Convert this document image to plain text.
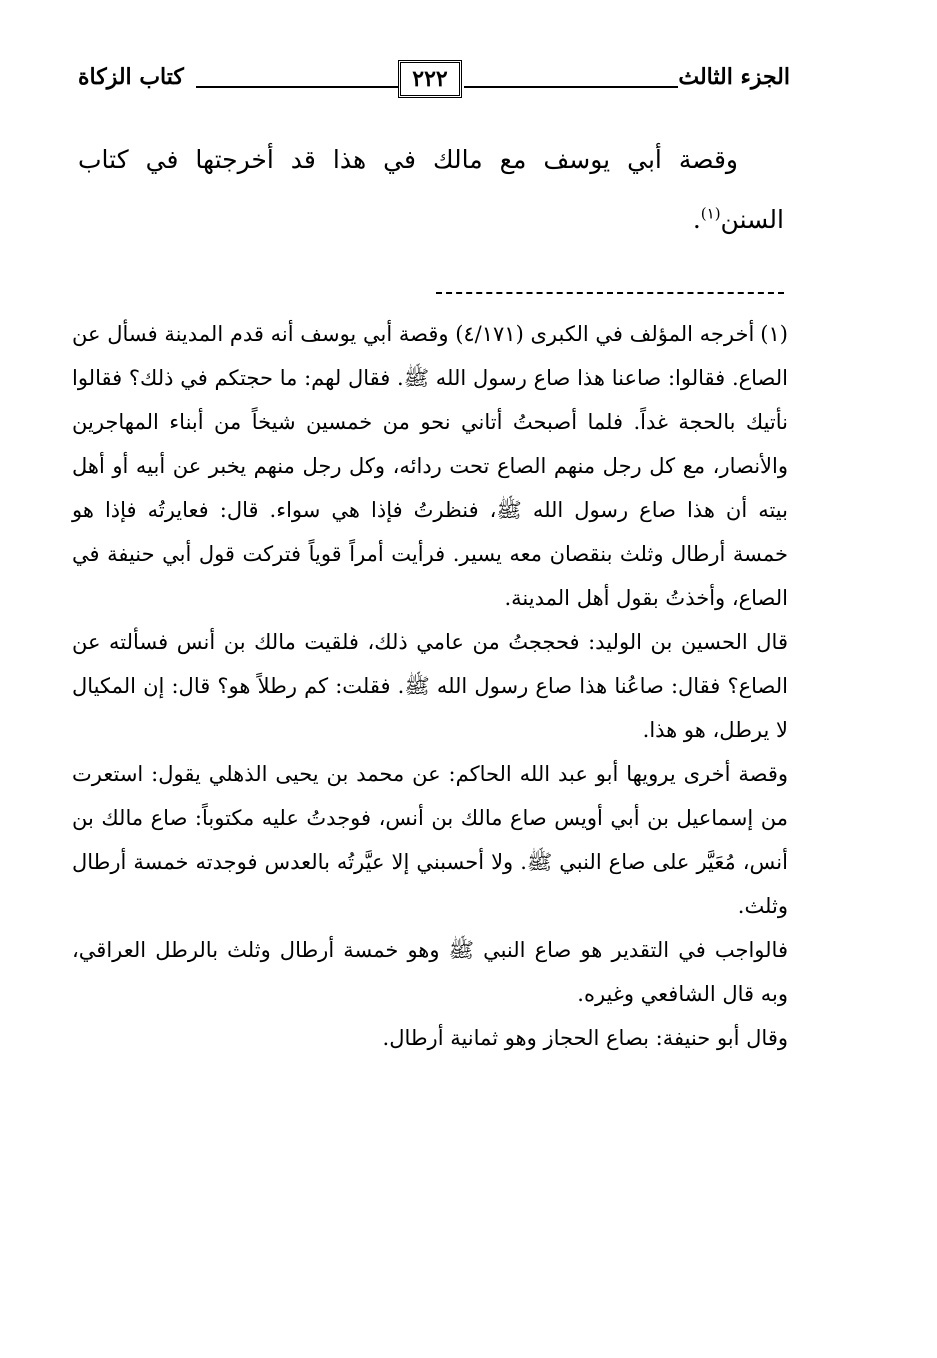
الجزء الثالث
٢٢٢
كتاب الزكاة

وقصة أبي يوسف مع مالك في هذا قد أخرجتها في كتاب السنن$^{(١)}$.

(١)أخرجه المؤلف في الكبرى (٤/١٧١) وقصة أبي يوسف أنه قدم المدينة فسأل عن الصاع. فقالوا: صاعنا هذا صاع رسول الله ﷺ. فقال لهم: ما حجتكم في ذلك؟ فقالوا نأتيك بالحجة غداً. فلما أصبحتُ أتاني نحو من خمسين شيخاً من أبناء المهاجرين والأنصار، مع كل رجل منهم الصاع تحت ردائه، وكل رجل منهم يخبر عن أبيه أو أهل بيته أن هذا صاع رسول الله ﷺ، فنظرتُ فإذا هي سواء. قال: فعايرتُه فإذا هو خمسة أرطال وثلث بنقصان معه يسير. فرأيت أمراً قوياً فتركت قول أبي حنيفة في الصاع، وأخذتُ بقول أهل المدينة.

قال الحسين بن الوليد: فحججتُ من عامي ذلك، فلقيت مالك بن أنس فسألته عن الصاع؟ فقال: صاعُنا هذا صاع رسول الله ﷺ. فقلت: كم رطلاً هو؟ قال: إن المكيال لا يرطل، هو هذا.

وقصة أخرى يرويها أبو عبد الله الحاكم: عن محمد بن يحيى الذهلي يقول: استعرت من إسماعيل بن أبي أويس صاع مالك بن أنس، فوجدتُ عليه مكتوباً: صاع مالك بن أنس، مُعَيَّر على صاع النبي ﷺ. ولا أحسبني إلا عيَّرتُه بالعدس فوجدته خمسة أرطال وثلث.

فالواجب في التقدير هو صاع النبي ﷺ وهو خمسة أرطال وثلث بالرطل العراقي، وبه قال الشافعي وغيره.

وقال أبو حنيفة: بصاع الحجاز وهو ثمانية أرطال.
